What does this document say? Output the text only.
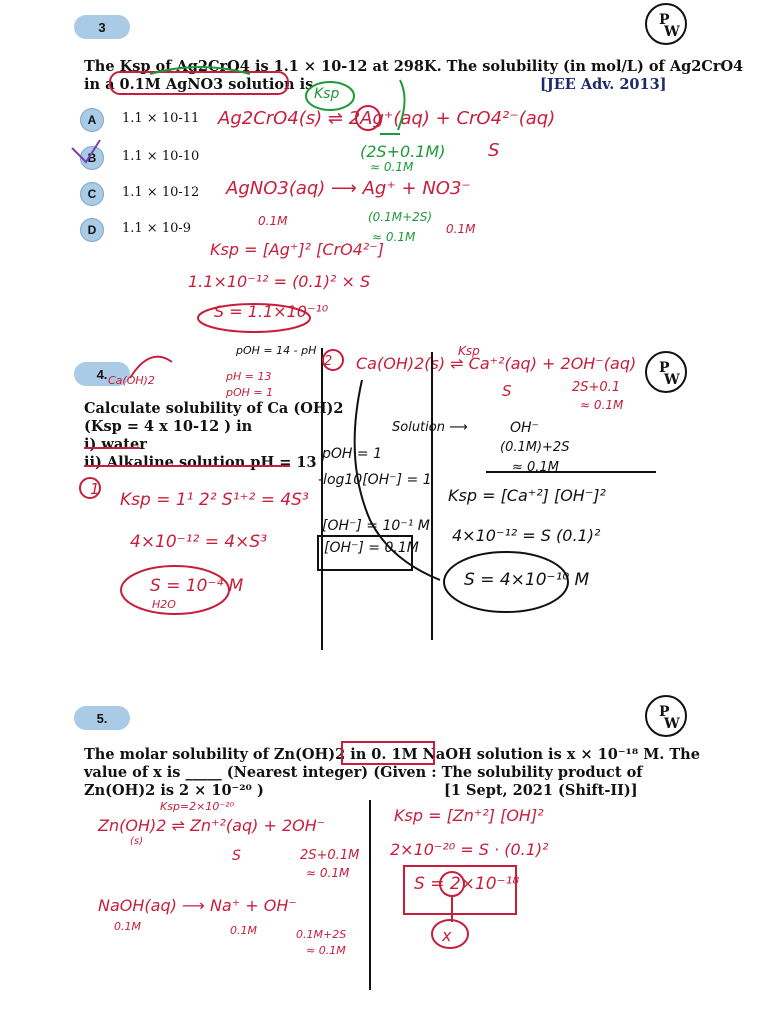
3	P
W
The Ksp of Ag2CrO4 is 1.1 × 10-12 at 298K. The solubility (in mol/L) of Ag2CrO4
in a 0.1M AgNO3 solution is	[JEE Adv. 2013]
A 1.1 × 10-11
B 1.1 × 10-10
C 1.1 × 10-12
D 1.1 × 10-9
Ag2CrO4(s) ⇌ 2Ag⁺(aq) + CrO4²⁻(aq)
Ksp
(2S+0.1M)
≈ 0.1M
S
AgNO3(aq) ⟶ Ag⁺ + NO3⁻
0.1M	(0.1M+2S)
≈ 0.1M
0.1M
Ksp = [Ag⁺]² [CrO4²⁻]
1.1×10⁻¹² = (0.1)² × S
S = 1.1×10⁻¹⁰
4.	P
W
Calculate solubility of Ca (OH)2
(Ksp = 4 x 10-12 ) in
i) water
ii) Alkaline solution pH = 13
pOH = 14 - pH
Ca(OH)2	pH = 13
pOH = 1
1
Ksp = 1¹ 2² S¹⁺² = 4S³
4×10⁻¹² = 4×S³
S = 10⁻⁴ M
H2O
pOH = 1
-log10[OH⁻] = 1
[OH⁻] = 10⁻¹ M
[OH⁻] = 0.1M
2 Ca(OH)2(s) ⇌ Ca⁺²(aq) + 2OH⁻(aq)
Ksp
S	2S+0.1
≈ 0.1M
Solution ⟶	OH⁻
(0.1M)+2S
≈ 0.1M
Ksp = [Ca⁺²] [OH⁻]²
4×10⁻¹² = S (0.1)²
S = 4×10⁻¹⁰ M
5.	P
W
The molar solubility of Zn(OH)2 in 0. 1M NaOH solution is x × 10⁻¹⁸ M. The
value of x is _____ (Nearest integer) (Given : The solubility product of
Zn(OH)2 is 2 × 10⁻²⁰ )	[1 Sept, 2021 (Shift-II)]
Ksp=2×10⁻²⁰
Zn(OH)2 ⇌ Zn⁺²(aq) + 2OH⁻
(s)
S	2S+0.1M
≈ 0.1M
NaOH(aq) ⟶ Na⁺ + OH⁻
0.1M	0.1M	0.1M+2S
≈ 0.1M
Ksp = [Zn⁺²] [OH]²
2×10⁻²⁰ = S · (0.1)²
S = 2×10⁻¹⁸
x
